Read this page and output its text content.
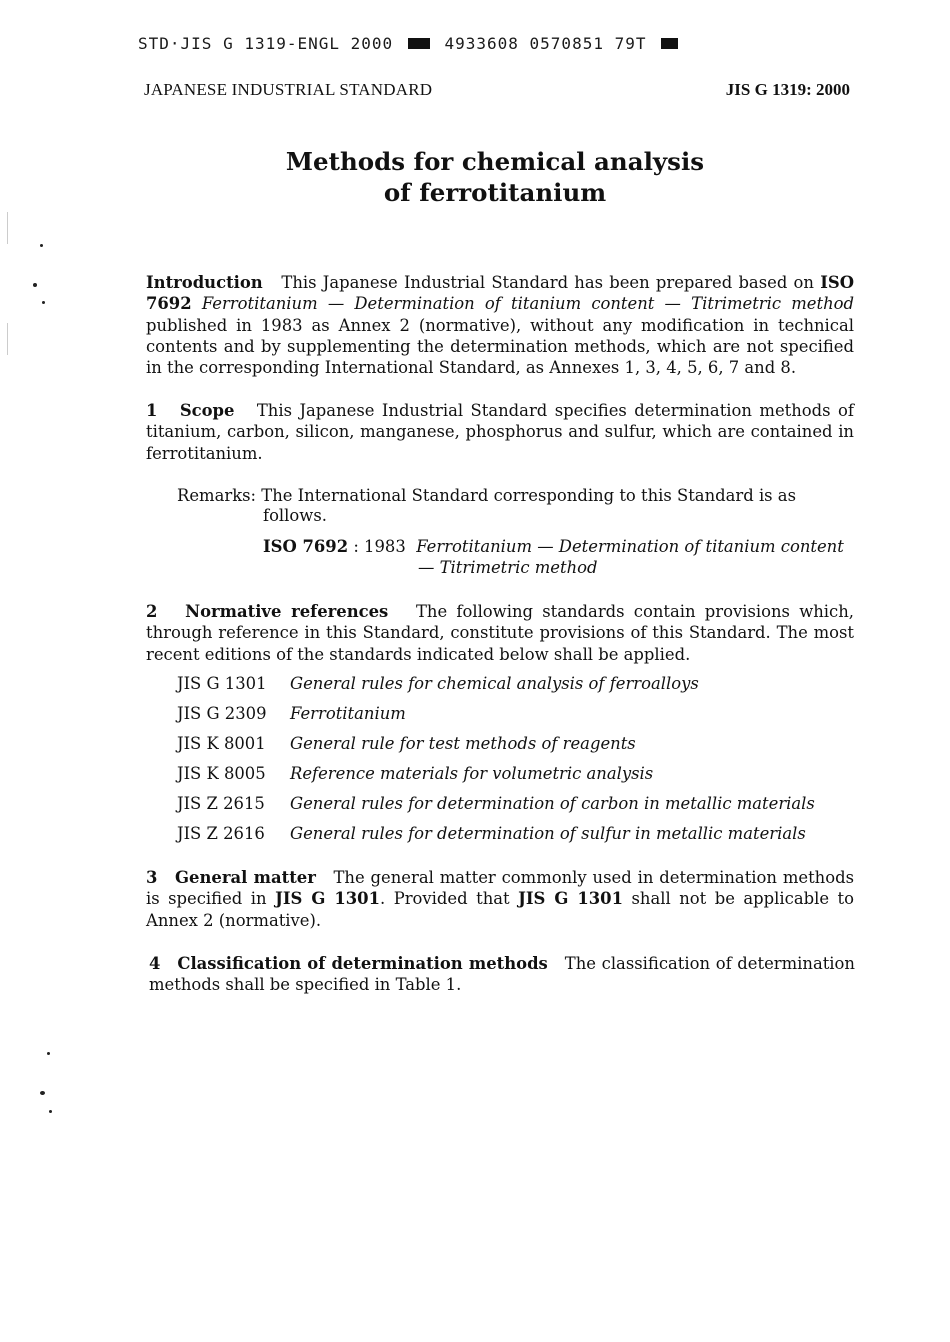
STD·JIS G 1319-ENGL 2000	4933608 0570851 79T
JAPANESE INDUSTRIAL STANDARD	JIS G 1319: 2000
Methods for chemical analysis
of ferrotitanium
Introduction This Japanese Industrial Standard has been prepared based on ISO 7692 Ferrotitanium — Determination of titanium content — Titrimetric method published in 1983 as Annex 2 (normative), without any modification in technical contents and by supplementing the determination methods, which are not specified in the corresponding International Standard, as Annexes 1, 3, 4, 5, 6, 7 and 8.
1 Scope This Japanese Industrial Standard specifies determination methods of titanium, carbon, silicon, manganese, phosphorus and sulfur, which are contained in ferrotitanium.
Remarks: The International Standard corresponding to this Standard is as
follows.
ISO 7692 : 1983 Ferrotitanium — Determination of titanium content
— Titrimetric method
2 Normative references The following standards contain provisions which, through reference in this Standard, constitute provisions of this Standard. The most recent editions of the standards indicated below shall be applied.
JIS G 1301 General rules for chemical analysis of ferroalloys
JIS G 2309 Ferrotitanium
JIS K 8001 General rule for test methods of reagents
JIS K 8005 Reference materials for volumetric analysis
JIS Z 2615 General rules for determination of carbon in metallic materials
JIS Z 2616 General rules for determination of sulfur in metallic materials
3 General matter The general matter commonly used in determination methods is specified in JIS G 1301. Provided that JIS G 1301 shall not be applicable to Annex 2 (normative).
4 Classification of determination methods The classification of determination methods shall be specified in Table 1.
